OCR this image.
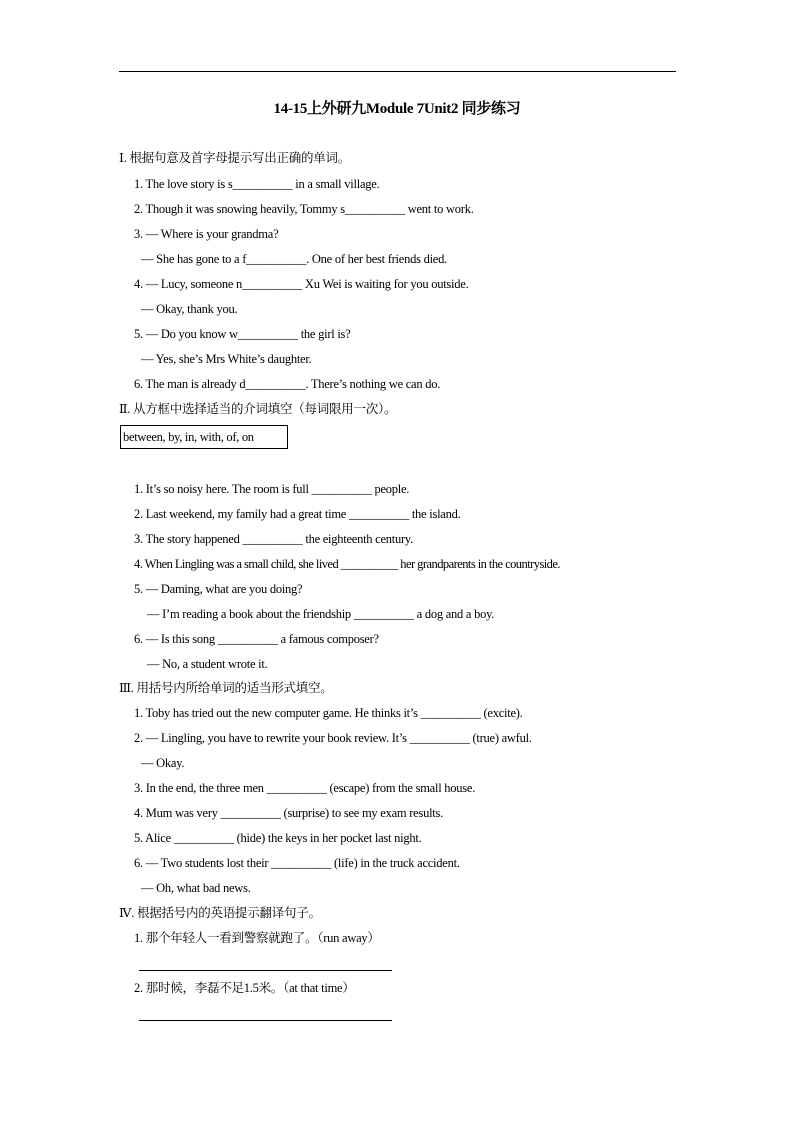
14-15上外研九Module 7Unit2 同步练习
Ⅰ. 根据句意及首字母提示写出正确的单词。
1. The love story is s__________ in a small village.
2. Though it was snowing heavily, Tommy s__________ went to work.
3. — Where is your grandma?
— She has gone to a f__________. One of her best friends died.
4. — Lucy, someone n__________ Xu Wei is waiting for you outside.
— Okay, thank you.
5. — Do you know w__________ the girl is?
— Yes, she’s Mrs White’s daughter.
6. The man is already d__________. There’s nothing we can do.
Ⅱ. 从方框中选择适当的介词填空（每词限用一次）。
between, by, in, with, of, on
1. It’s so noisy here. The room is full __________ people.
2. Last weekend, my family had a great time __________ the island.
3. The story happened __________ the eighteenth century.
4. When Lingling was a small child, she lived __________ her grandparents in the countryside.
5. — Daming, what are you doing?
— I’m reading a book about the friendship __________ a dog and a boy.
6. — Is this song __________ a famous composer?
— No, a student wrote it.
Ⅲ. 用括号内所给单词的适当形式填空。
1. Toby has tried out the new computer game. He thinks it’s __________ (excite).
2. — Lingling, you have to rewrite your book review. It’s __________ (true) awful.
— Okay.
3. In the end, the three men __________ (escape) from the small house.
4. Mum was very __________ (surprise) to see my exam results.
5. Alice __________ (hide) the keys in her pocket last night.
6. — Two students lost their __________ (life) in the truck accident.
— Oh, what bad news.
Ⅳ. 根据括号内的英语提示翻译句子。
1. 那个年轻人一看到警察就跑了。（run away）
2. 那时候，李磊不足1.5米。（at that time）
